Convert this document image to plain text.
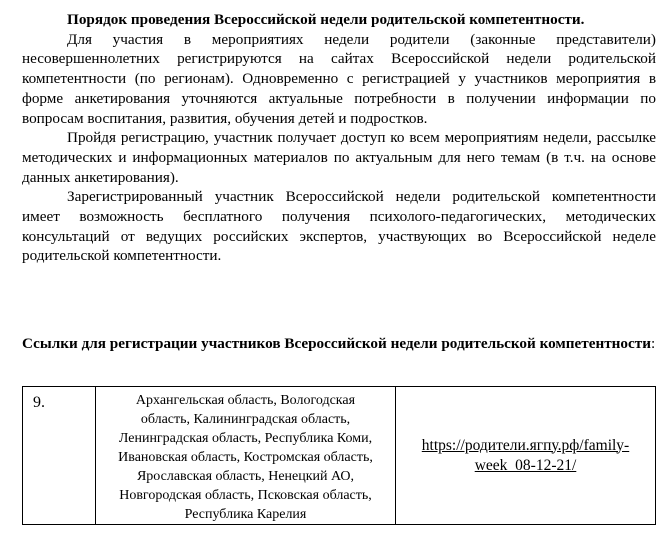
Порядок проведения Всероссийской недели родительской компетентности.

Для участия в мероприятиях недели родители (законные представители) несовершеннолетних регистрируются на сайтах Всероссийской недели родительской компетентности (по регионам). Одновременно с регистрацией у участников мероприятия в форме анкетирования уточняются актуальные потребности в получении информации по вопросам воспитания, развития, обучения детей и подростков.

Пройдя регистрацию, участник получает доступ ко всем мероприятиям недели, рассылке методических и информационных материалов по актуальным для него темам (в т.ч. на основе данных анкетирования).

Зарегистрированный участник Всероссийской недели родительской компетентности имеет возможность бесплатного получения психолого-педагогических, методических консультаций от ведущих российских экспертов, участвующих во Всероссийской неделе родительской компетентности.

Ссылки для регистрации участников Всероссийской недели родительской компетентности:
9.	Архангельская область, Вологодская область, Калининградская область, Ленинградская область, Республика Коми, Ивановская область, Костромская область, Ярославская область, Ненецкий АО, Новгородская область, Псковская область, Республика Карелия	https://родители.ягпу.рф/family-week_08-12-21/
